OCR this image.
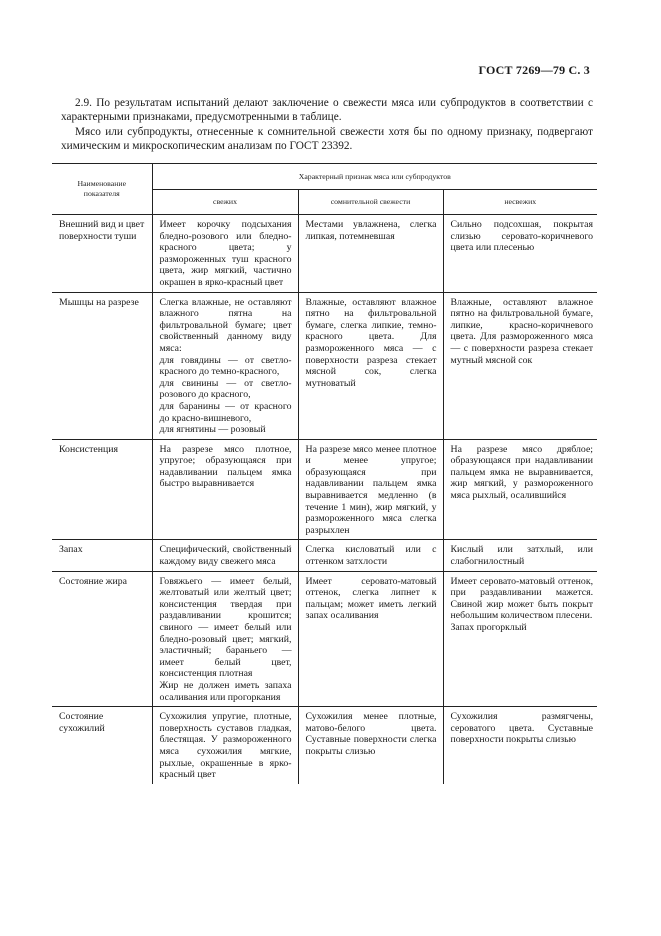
ГОСТ 7269—79 С. 3

2.9. По результатам испытаний делают заключение о свежести мяса или субпродуктов в соответствии с характерными признаками, предусмотренными в таблице.

Мясо или субпродукты, отнесенные к сомнительной свежести хотя бы по одному признаку, подвергают химическим и микроскопическим анализам по ГОСТ 23392.

Наименование
показателя	Характерный признак мяса или субпродуктов		
	свежих	сомнительной свежести	несвежих

Внешний вид и цвет поверхности туши	Имеет корочку подсыхания бледно-розового или бледно-красного цвета; у размороженных туш красного цвета, жир мягкий, частично окрашен в ярко-красный цвет	Местами увлажнена, слегка липкая, потемневшая	Сильно подсохшая, покрытая слизью серовато-коричневого цвета или плесенью

Мышцы на разрезе	Слегка влажные, не оставляют влажного пятна на фильтровальной бумаге; цвет свойственный данному виду мяса:
для говядины — от светло-красного до темно-красного,
для свинины — от светло-розового до красного,
для баранины — от красного до красно-вишневого,
для ягнятины — розовый	Влажные, оставляют влажное пятно на фильтровальной бумаге, слегка липкие, темно-красного цвета. Для размороженного мяса — с поверхности разреза стекает мясной сок, слегка мутноватый	Влажные, оставляют влажное пятно на фильтровальной бумаге, липкие, красно-коричневого цвета. Для размороженного мяса — с поверхности разреза стекает мутный мясной сок

Консистенция	На разрезе мясо плотное, упругое; образующаяся при надавливании пальцем ямка быстро выравнивается	На разрезе мясо менее плотное и менее упругое; образующаяся при надавливании пальцем ямка выравнивается медленно (в течение 1 мин), жир мягкий, у размороженного мяса слегка разрыхлен	На разрезе мясо дряблое; образующаяся при надавливании пальцем ямка не выравнивается, жир мягкий, у размороженного мяса рыхлый, осалившийся

Запах	Специфический, свойственный каждому виду свежего мяса	Слегка кисловатый или с оттенком затхлости	Кислый или затхлый, или слабогнилостный

Состояние жира	Говяжьего — имеет белый, желтоватый или желтый цвет; консистенция твердая при раздавливании крошится; свиного — имеет белый или бледно-розовый цвет; мягкий, эластичный; бараньего — имеет белый цвет, консистенция плотная
Жир не должен иметь запаха осаливания или прогоркания	Имеет серовато-матовый оттенок, слегка липнет к пальцам; может иметь легкий запах осаливания	Имеет серовато-матовый оттенок, при раздавливании мажется. Свиной жир может быть покрыт небольшим количеством плесени.
Запах прогорклый

Состояние сухожилий	Сухожилия упругие, плотные, поверхность суставов гладкая, блестящая. У размороженного мяса сухожилия мягкие, рыхлые, окрашенные в ярко-красный цвет	Сухожилия менее плотные, матово-белого цвета. Суставные поверхности слегка покрыты слизью	Сухожилия размягчены, сероватого цвета. Суставные поверхности покрыты слизью
